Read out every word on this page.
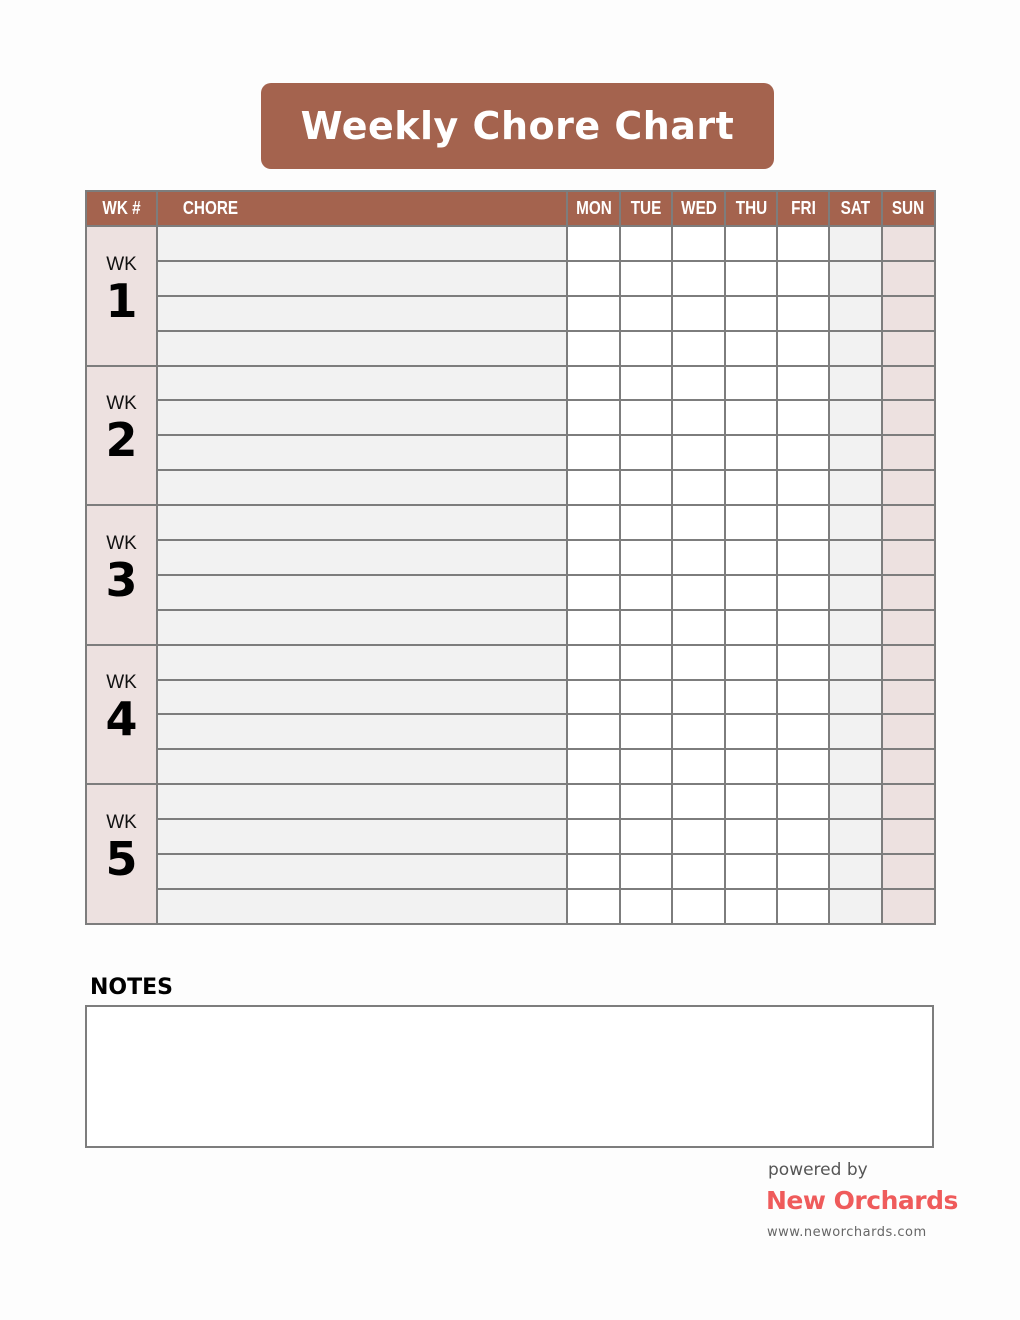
Weekly Chore Chart
WK #	CHORE	MON	TUE	WED	THU	FRI	SAT	SUN

WK
1								

WK
2								

WK
3								

WK
4								

WK
5								

NOTES
powered by
New Orchards
www.neworchards.com
